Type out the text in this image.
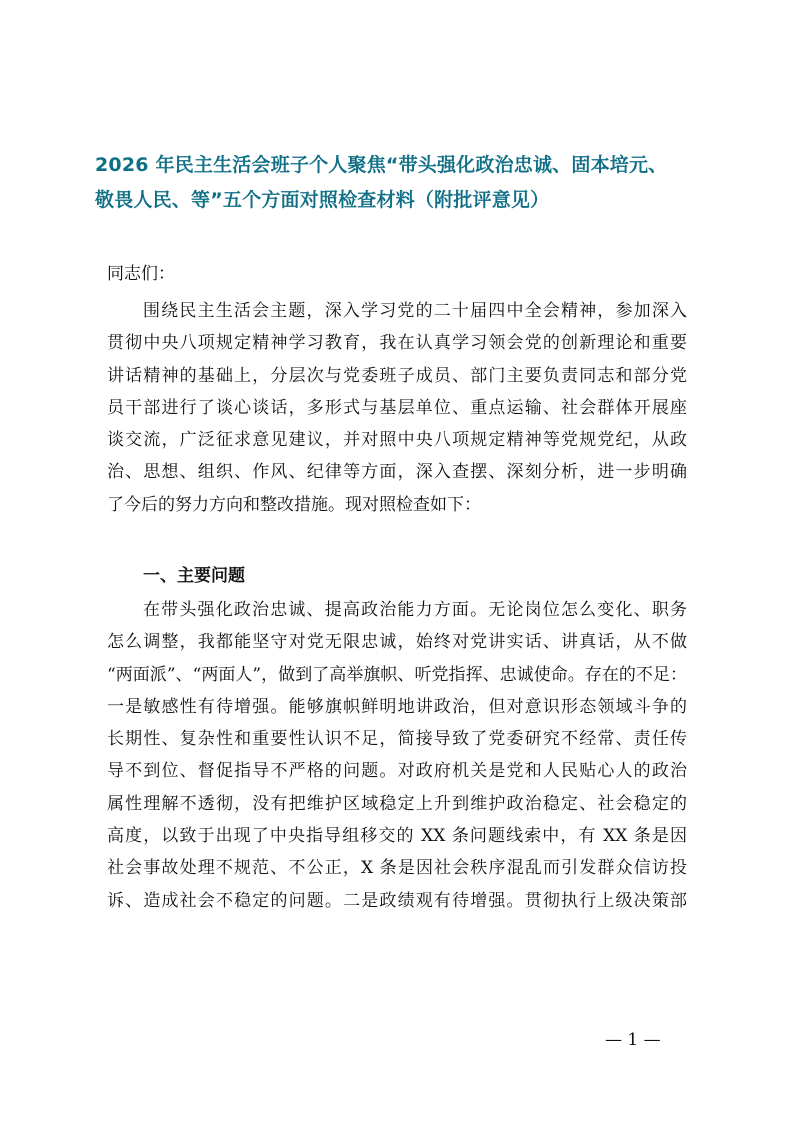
2026 年民主生活会班子个人聚焦“带头强化政治忠诚、固本培元、
敬畏人民、等”五个方面对照检查材料（附批评意见）
同志们：
围绕民主生活会主题，深入学习党的二十届四中全会精神，参加深入
贯彻中央八项规定精神学习教育，我在认真学习领会党的创新理论和重要
讲话精神的基础上，分层次与党委班子成员、部门主要负责同志和部分党
员干部进行了谈心谈话，多形式与基层单位、重点运输、社会群体开展座
谈交流，广泛征求意见建议，并对照中央八项规定精神等党规党纪，从政
治、思想、组织、作风、纪律等方面，深入查摆、深刻分析，进一步明确
了今后的努力方向和整改措施。现对照检查如下：
一、主要问题
在带头强化政治忠诚、提高政治能力方面。无论岗位怎么变化、职务
怎么调整，我都能坚守对党无限忠诚，始终对党讲实话、讲真话，从不做
“两面派”、“两面人”，做到了高举旗帜、听党指挥、忠诚使命。存在的不足：
一是敏感性有待增强。能够旗帜鲜明地讲政治，但对意识形态领域斗争的
长期性、复杂性和重要性认识不足，简接导致了党委研究不经常、责任传
导不到位、督促指导不严格的问题。对政府机关是党和人民贴心人的政治
属性理解不透彻，没有把维护区域稳定上升到维护政治稳定、社会稳定的
高度，以致于出现了中央指导组移交的 XX 条问题线索中，有 XX 条是因
社会事故处理不规范、不公正，X 条是因社会秩序混乱而引发群众信访投
诉、造成社会不稳定的问题。二是政绩观有待增强。贯彻执行上级决策部
— 1 —
